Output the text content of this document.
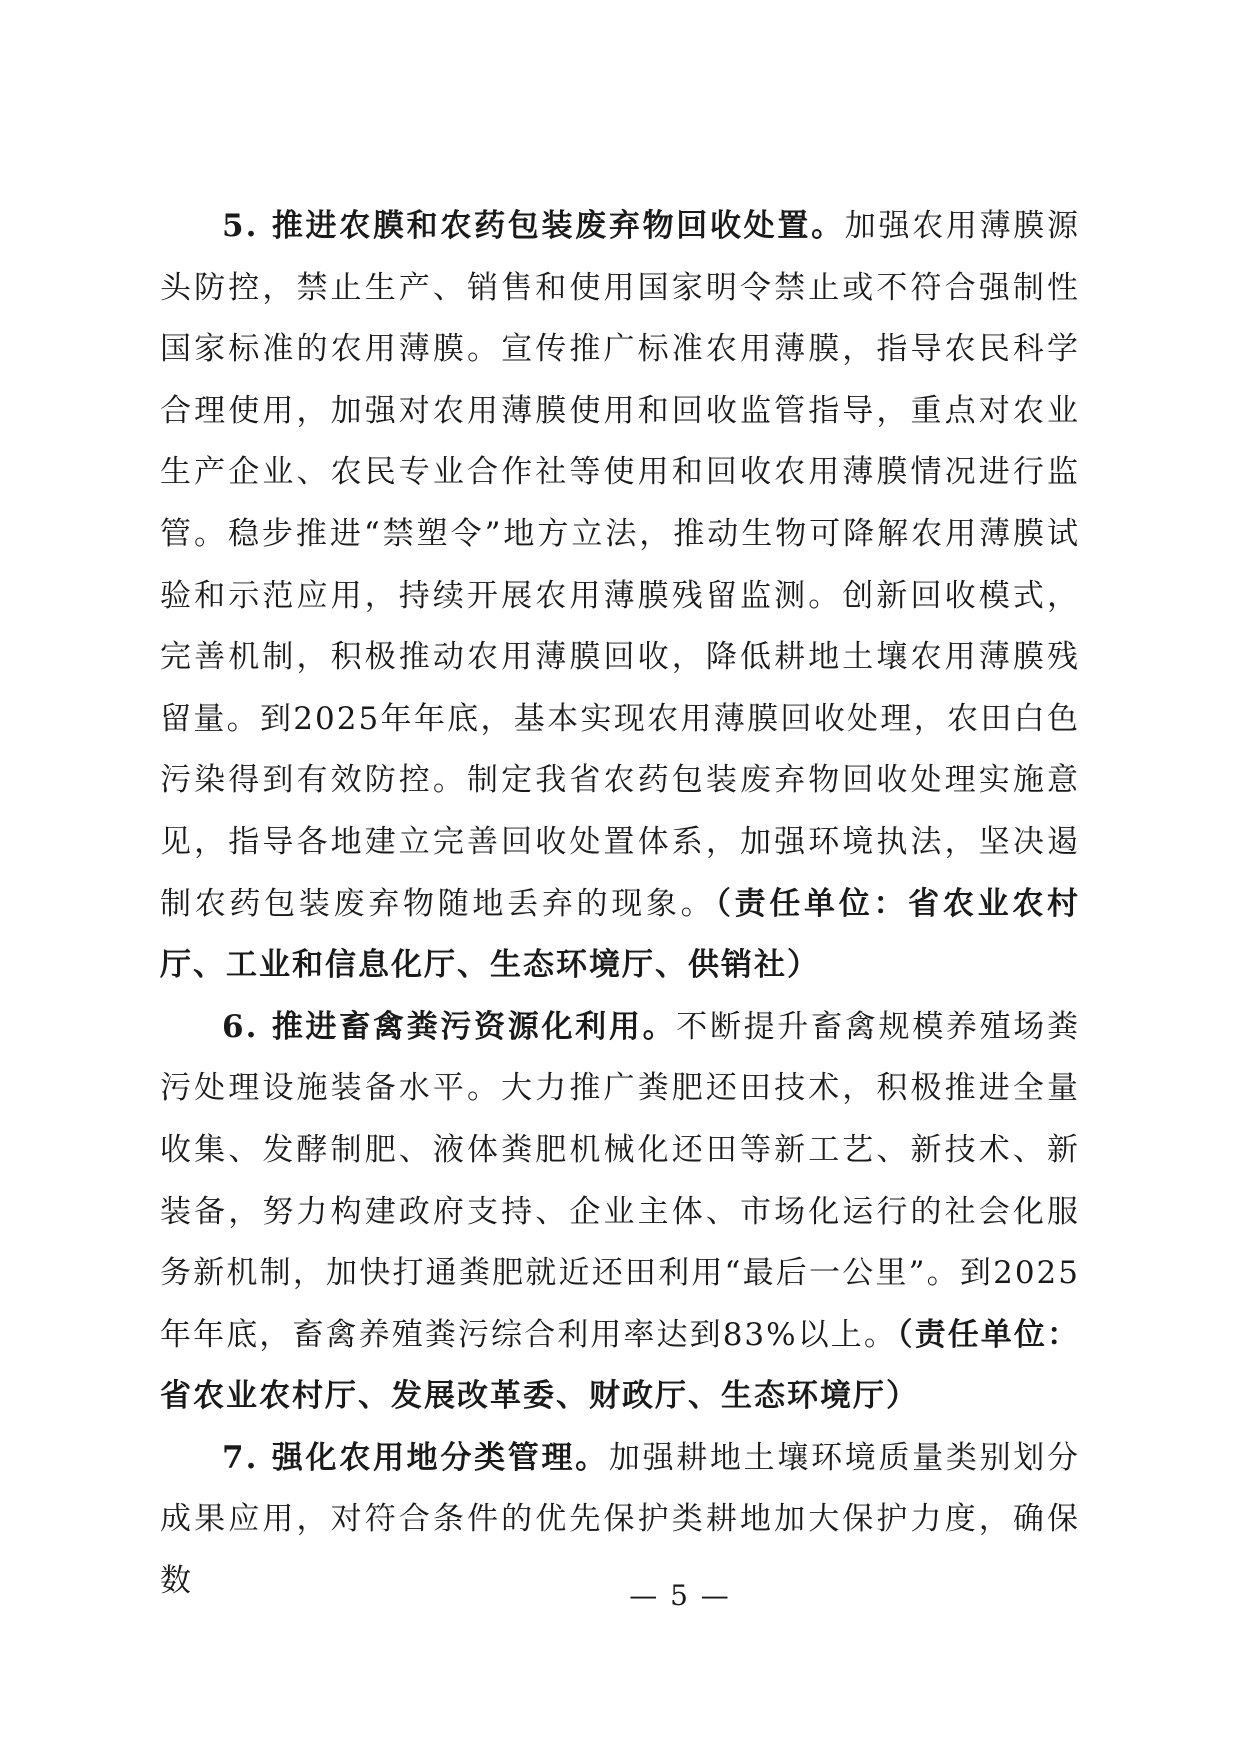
5. 推进农膜和农药包装废弃物回收处置。加强农用薄膜源头防控，禁止生产、销售和使用国家明令禁止或不符合强制性国家标准的农用薄膜。宣传推广标准农用薄膜，指导农民科学合理使用，加强对农用薄膜使用和回收监管指导，重点对农业生产企业、农民专业合作社等使用和回收农用薄膜情况进行监管。稳步推进“禁塑令”地方立法，推动生物可降解农用薄膜试验和示范应用，持续开展农用薄膜残留监测。创新回收模式，完善机制，积极推动农用薄膜回收，降低耕地土壤农用薄膜残留量。到2025年年底，基本实现农用薄膜回收处理，农田白色污染得到有效防控。制定我省农药包装废弃物回收处理实施意见，指导各地建立完善回收处置体系，加强环境执法，坚决遏制农药包装废弃物随地丢弃的现象。（责任单位：省农业农村厅、工业和信息化厅、生态环境厅、供销社）

6. 推进畜禽粪污资源化利用。不断提升畜禽规模养殖场粪污处理设施装备水平。大力推广粪肥还田技术，积极推进全量收集、发酵制肥、液体粪肥机械化还田等新工艺、新技术、新装备，努力构建政府支持、企业主体、市场化运行的社会化服务新机制，加快打通粪肥就近还田利用“最后一公里”。到2025年年底，畜禽养殖粪污综合利用率达到83%以上。（责任单位：省农业农村厅、发展改革委、财政厅、生态环境厅）

7. 强化农用地分类管理。加强耕地土壤环境质量类别划分成果应用，对符合条件的优先保护类耕地加大保护力度，确保数	— 5 —
